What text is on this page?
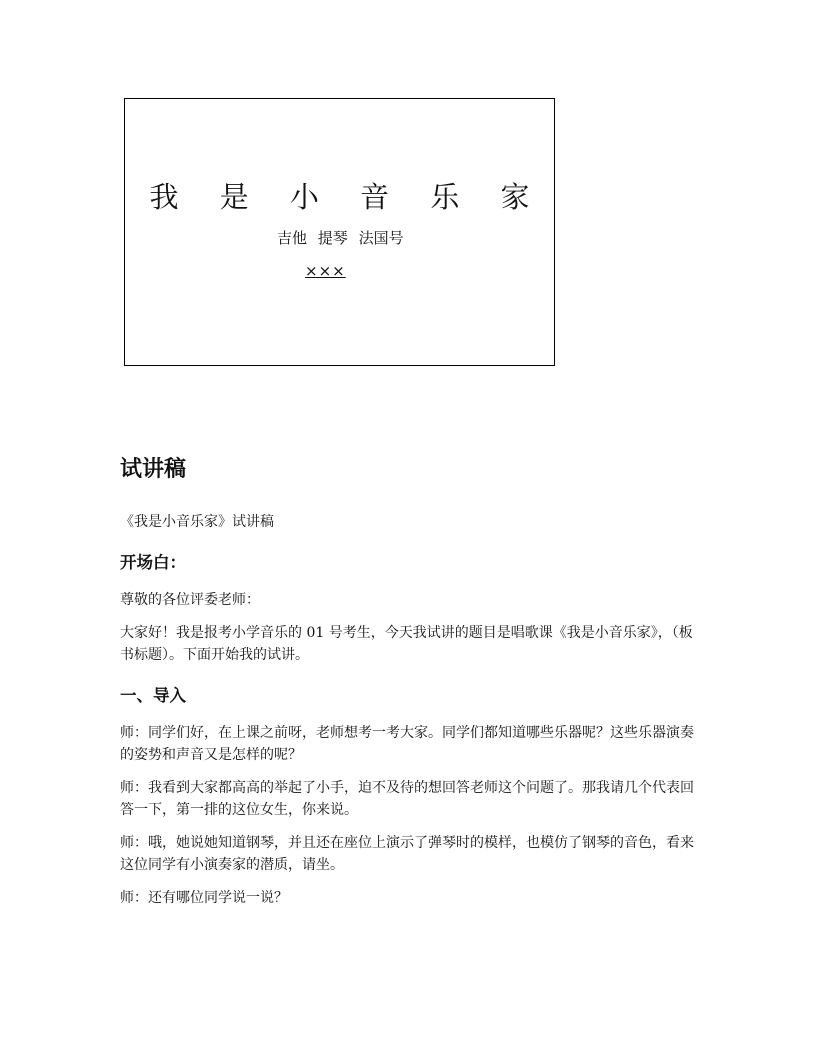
我 是 小 音 乐 家
吉他 提琴 法国号
×××
试讲稿

《我是小音乐家》试讲稿

开场白：

尊敬的各位评委老师：

大家好！我是报考小学音乐的 01 号考生，今天我试讲的题目是唱歌课《我是小音乐家》，（板书标题）。下面开始我的试讲。

一、导入

师：同学们好，在上课之前呀，老师想考一考大家。同学们都知道哪些乐器呢？这些乐器演奏的姿势和声音又是怎样的呢？

师：我看到大家都高高的举起了小手，迫不及待的想回答老师这个问题了。那我请几个代表回答一下，第一排的这位女生，你来说。

师：哦，她说她知道钢琴，并且还在座位上演示了弹琴时的模样，也模仿了钢琴的音色，看来这位同学有小演奏家的潜质，请坐。

师：还有哪位同学说一说？
